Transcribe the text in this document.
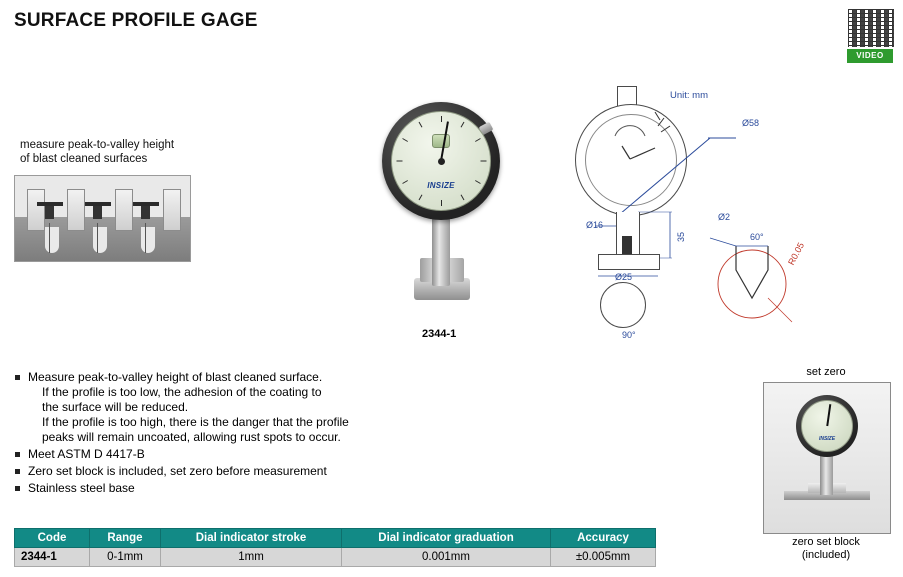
SURFACE PROFILE GAGE
VIDEO
measure peak-to-valley height
of blast cleaned surfaces
INSIZE
2344-1
Unit: mm
Ø58
Ø16
Ø25
35
Ø2
60°
R0.05
90°
Measure peak-to-valley height of blast cleaned surface.
If the profile is too low, the adhesion of the coating to
the surface will be reduced.
If the profile is too high, there is the danger that the profile
peaks will remain uncoated, allowing rust spots to occur.
Meet ASTM D 4417-B
Zero set block is included, set zero before measurement
Stainless steel base
set zero
INSIZE
zero set block
(included)
Code	Range	Dial indicator stroke	Dial indicator graduation	Accuracy
2344-1	0-1mm	1mm	0.001mm	±0.005mm
